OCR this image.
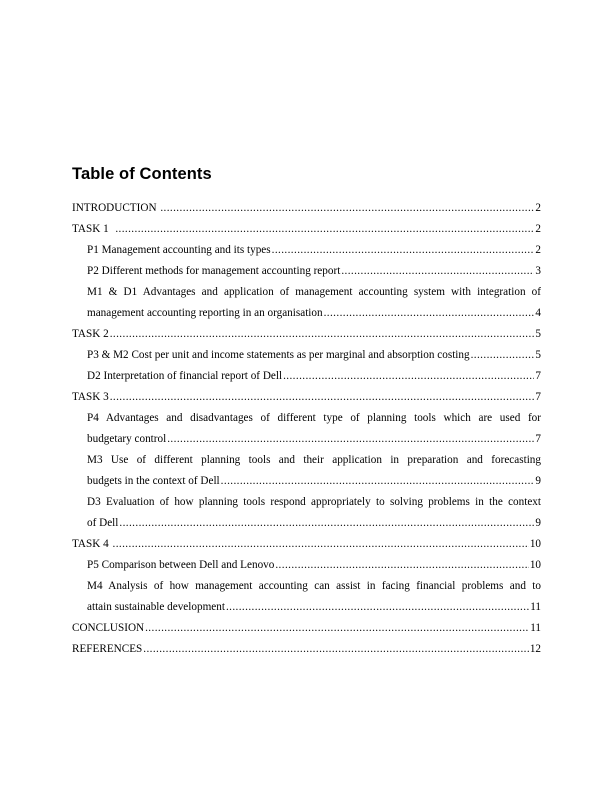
Table of Contents
INTRODUCTION .....	2
TASK 1 .....	2
P1 Management accounting and its types .....	2
P2 Different methods for management accounting report .....	3
M1 & D1 Advantages and application of management accounting system with integration of
management accounting reporting in an organisation .....	4
TASK 2 .....	5
P3 & M2 Cost per unit and income statements as per marginal and absorption costing .....	5
D2 Interpretation of financial report of Dell .....	7
TASK 3 .....	7
P4 Advantages and disadvantages of different type of planning tools which are used for
budgetary control .....	7
M3 Use of different planning tools and their application in preparation and forecasting
budgets in the context of Dell .....	9
D3 Evaluation of how planning tools respond appropriately to solving problems in the context
of Dell .....	9
TASK 4 .....	10
P5 Comparison between Dell and Lenovo .....	10
M4 Analysis of how management accounting can assist in facing financial problems and to
attain sustainable development .....	11
CONCLUSION .....	11
REFERENCES .....	12
